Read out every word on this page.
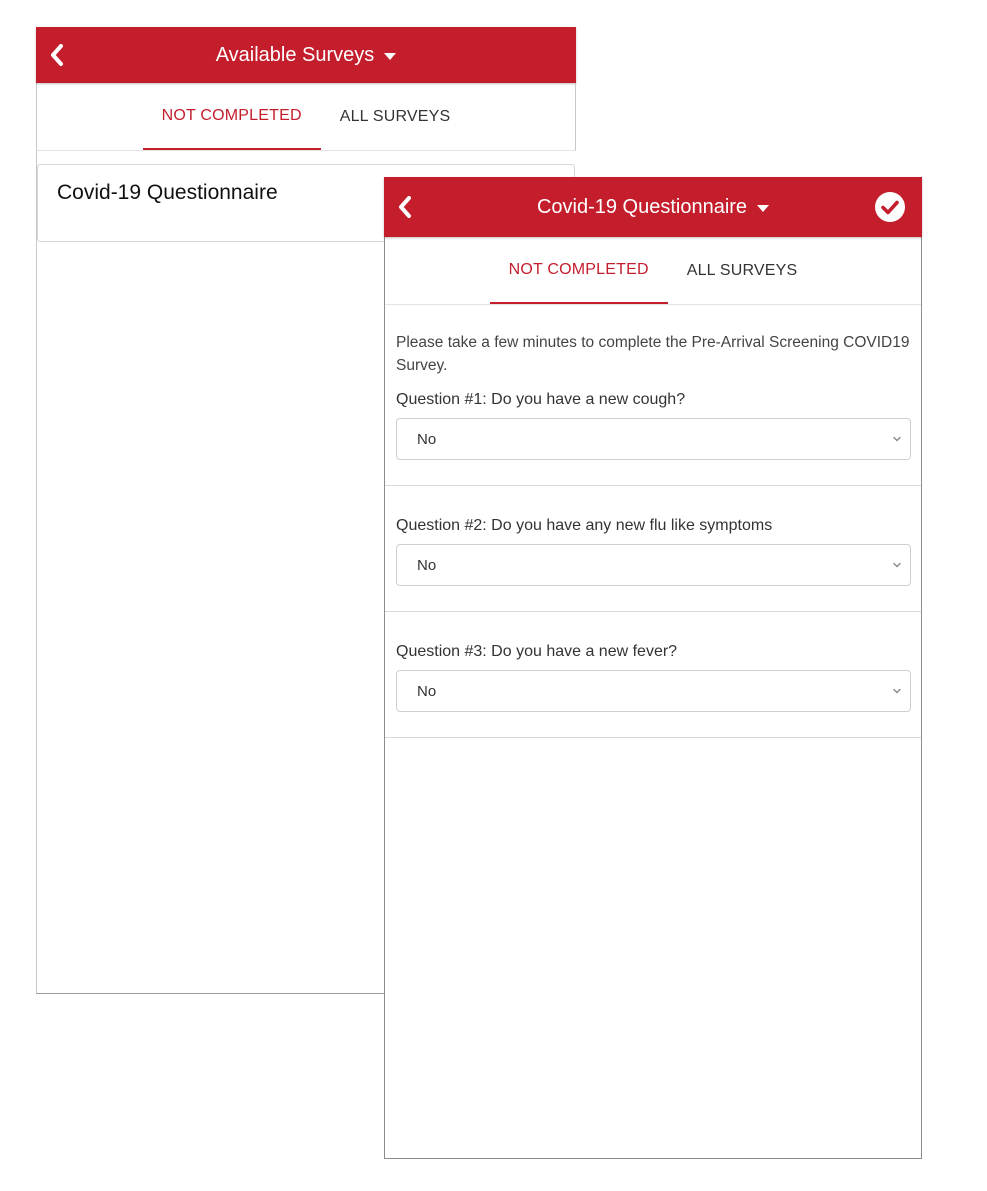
Available Surveys
NOT COMPLETED	ALL SURVEYS
Covid-19 Questionnaire
Covid-19 Questionnaire
NOT COMPLETED	ALL SURVEYS
Please take a few minutes to complete the Pre-Arrival Screening COVID19 Survey.
Question #1: Do you have a new cough?
No
Question #2: Do you have any new flu like symptoms
No
Question #3: Do you have a new fever?
No
